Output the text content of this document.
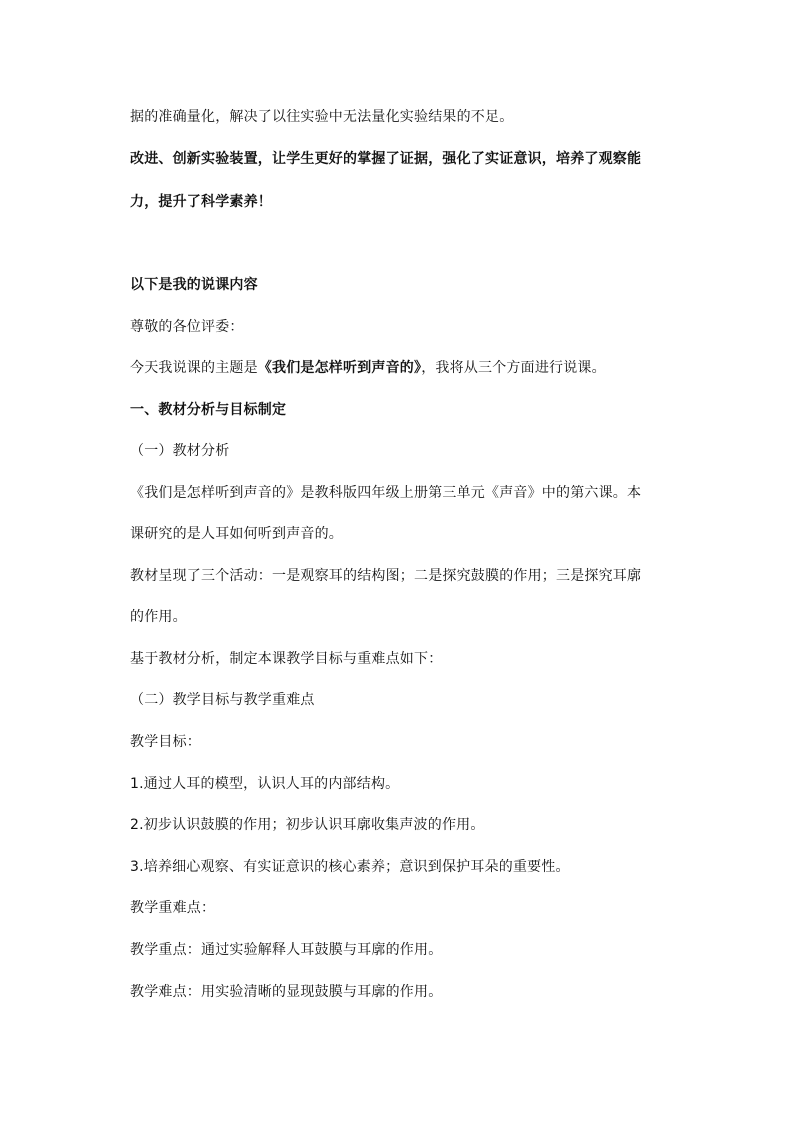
据的准确量化，解决了以往实验中无法量化实验结果的不足。
改进、创新实验装置，让学生更好的掌握了证据，强化了实证意识，培养了观察能
力，提升了科学素养！
以下是我的说课内容
尊敬的各位评委：
今天我说课的主题是《我们是怎样听到声音的》，我将从三个方面进行说课。
一、教材分析与目标制定
（一）教材分析
《我们是怎样听到声音的》是教科版四年级上册第三单元《声音》中的第六课。本
课研究的是人耳如何听到声音的。
教材呈现了三个活动：一是观察耳的结构图；二是探究鼓膜的作用；三是探究耳廓
的作用。
基于教材分析，制定本课教学目标与重难点如下：
（二）教学目标与教学重难点
教学目标：
1.通过人耳的模型，认识人耳的内部结构。
2.初步认识鼓膜的作用；初步认识耳廓收集声波的作用。
3.培养细心观察、有实证意识的核心素养；意识到保护耳朵的重要性。
教学重难点：
教学重点：通过实验解释人耳鼓膜与耳廓的作用。
教学难点：用实验清晰的显现鼓膜与耳廓的作用。
